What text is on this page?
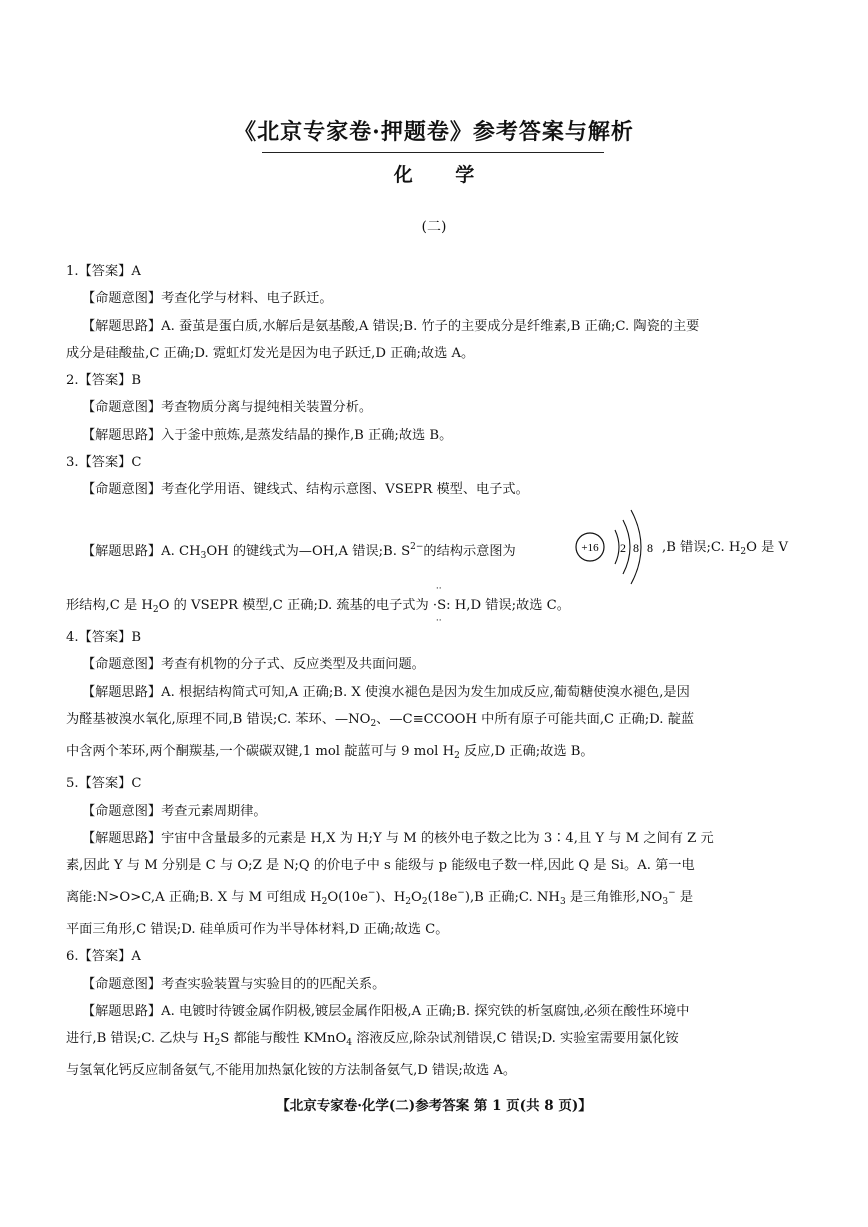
《北京专家卷·押题卷》参考答案与解析
化 学
(二)

1.【答案】A

【命题意图】考查化学与材料、电子跃迁。

【解题思路】A. 蚕茧是蛋白质,水解后是氨基酸,A 错误;B. 竹子的主要成分是纤维素,B 正确;C. 陶瓷的主要

成分是硅酸盐,C 正确;D. 霓虹灯发光是因为电子跃迁,D 正确;故选 A。

2.【答案】B

【命题意图】考查物质分离与提纯相关装置分析。

【解题思路】入于釜中煎炼,是蒸发结晶的操作,B 正确;故选 B。

3.【答案】C

【命题意图】考查化学用语、键线式、结构示意图、VSEPR 模型、电子式。

【解题思路】A. $CH_3OH$ 的键线式为—OH,A 错误;B. $S^{2-}$的结构示意图为	+16 2 8 8 ,B 错误;C. $H_2O$ 是 V

形结构,C 是 $H_2O$ 的 VSEPR 模型,C 正确;D. 巯基的电子式为
··
·S
··
: H,D 错误;故选 C。

4.【答案】B

【命题意图】考查有机物的分子式、反应类型及共面问题。

【解题思路】A. 根据结构简式可知,A 正确;B. X 使溴水褪色是因为发生加成反应,葡萄糖使溴水褪色,是因

为醛基被溴水氧化,原理不同,B 错误;C. 苯环、$—NO_2$、—C≡CCOOH 中所有原子可能共面,C 正确;D. 靛蓝

中含两个苯环,两个酮羰基,一个碳碳双键,1 mol 靛蓝可与 9 mol $H_2$ 反应,D 正确;故选 B。

5.【答案】C

【命题意图】考查元素周期律。

【解题思路】宇宙中含量最多的元素是 H,X 为 H;Y 与 M 的核外电子数之比为 3∶4,且 Y 与 M 之间有 Z 元

素,因此 Y 与 M 分别是 C 与 O;Z 是 N;Q 的价电子中 s 能级与 p 能级电子数一样,因此 Q 是 Si。A. 第一电

离能:N>O>C,A 正确;B. X 与 M 可组成 $H_2O(10e^-)$、$H_2O_2(18e^-),B$ 正确;C. $NH_3$ 是三角锥形$,NO_3^-$ 是

平面三角形,C 错误;D. 硅单质可作为半导体材料,D 正确;故选 C。

6.【答案】A

【命题意图】考查实验装置与实验目的的匹配关系。

【解题思路】A. 电镀时待镀金属作阴极,镀层金属作阳极,A 正确;B. 探究铁的析氢腐蚀,必须在酸性环境中

进行,B 错误;C. 乙炔与 $H_2S$ 都能与酸性 KMnO$_4$ 溶液反应,除杂试剂错误,C 错误;D. 实验室需要用氯化铵

与氢氧化钙反应制备氨气,不能用加热氯化铵的方法制备氨气,D 错误;故选 A。

【北京专家卷·化学(二)参考答案 第 1 页(共 8 页)】
